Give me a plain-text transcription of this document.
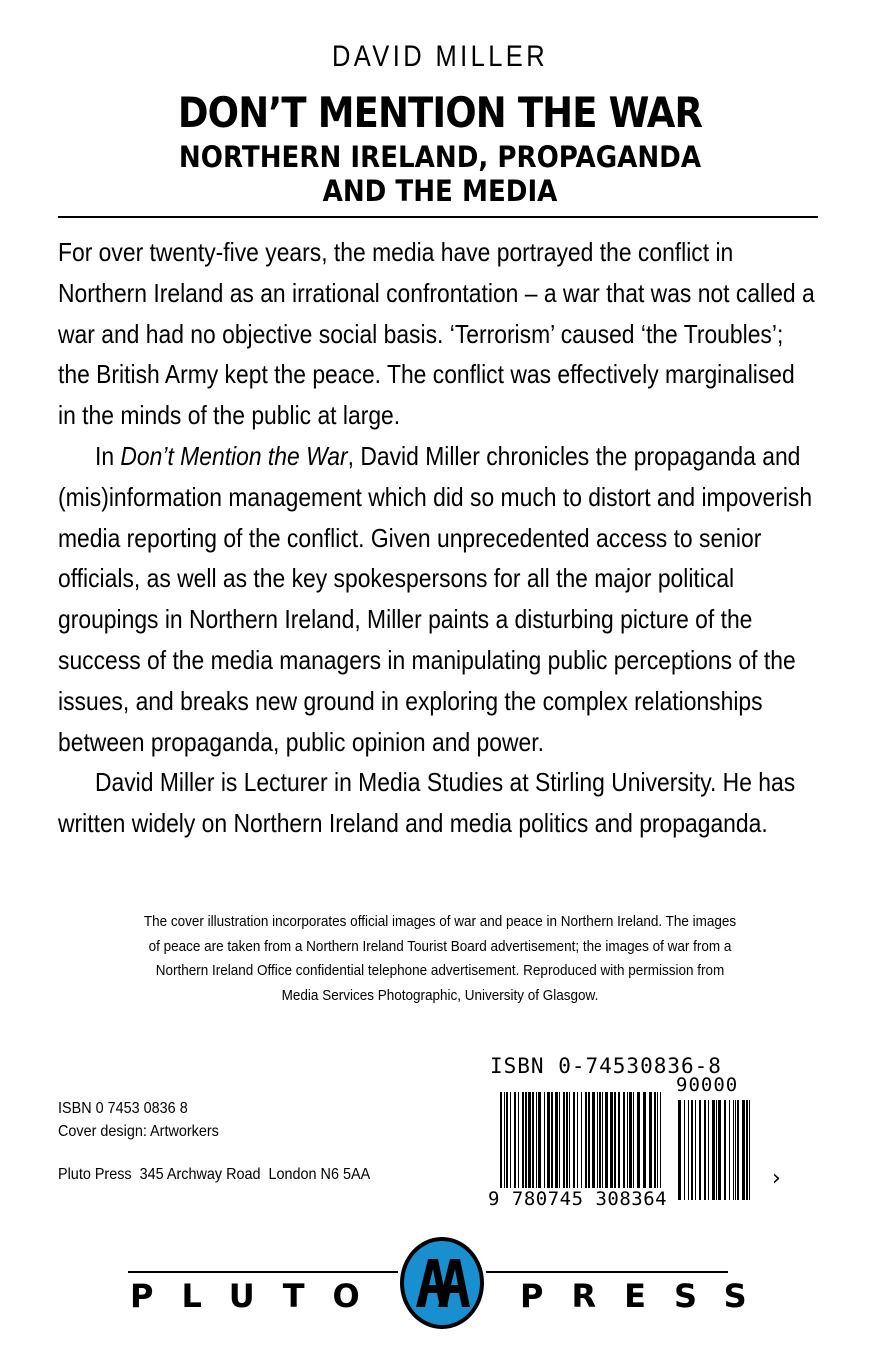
DAVID MILLER
DON’T MENTION THE WAR
NORTHERN IRELAND, PROPAGANDA
AND THE MEDIA

For over twenty-five years, the media have portrayed the conflict in Northern Ireland as an irrational confrontation – a war that was not called a war and had no objective social basis. ‘Terrorism’ caused ‘the Troubles’; the British Army kept the peace. The conflict was effectively marginalised in the minds of the public at large.

In Don’t Mention the War, David Miller chronicles the propaganda and (mis)information management which did so much to distort and impoverish media reporting of the conflict. Given unprecedented access to senior officials, as well as the key spokespersons for all the major political groupings in Northern Ireland, Miller paints a disturbing picture of the success of the media managers in manipulating public perceptions of the issues, and breaks new ground in exploring the complex relationships between propaganda, public opinion and power.

David Miller is Lecturer in Media Studies at Stirling University. He has written widely on Northern Ireland and media politics and propaganda.

The cover illustration incorporates official images of war and peace in Northern Ireland. The images
of peace are taken from a Northern Ireland Tourist Board advertisement; the images of war from a
Northern Ireland Office confidential telephone advertisement. Reproduced with permission from
Media Services Photographic, University of Glasgow.
ISBN 0 7453 0836 8
Cover design: Artworkers
Pluto Press  345 Archway Road  London N6 5AA
ISBN 0-74530836-8
90000
9 780745 308364
›
PLUTO	PRESS
